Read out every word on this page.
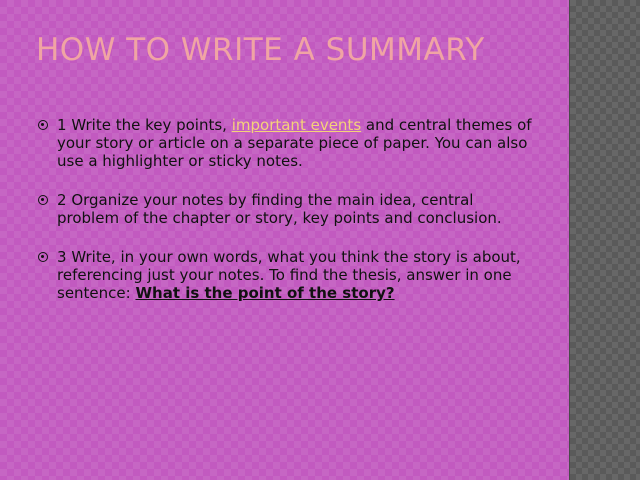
HOW TO WRITE A SUMMARY
1 Write the key points, important events and central themes of your story or article on a separate piece of paper. You can also use a highlighter or sticky notes.
2 Organize your notes by finding the main idea, central problem of the chapter or story, key points and conclusion.
3 Write, in your own words, what you think the story is about, referencing just your notes. To find the thesis, answer in one sentence: What is the point of the story?
